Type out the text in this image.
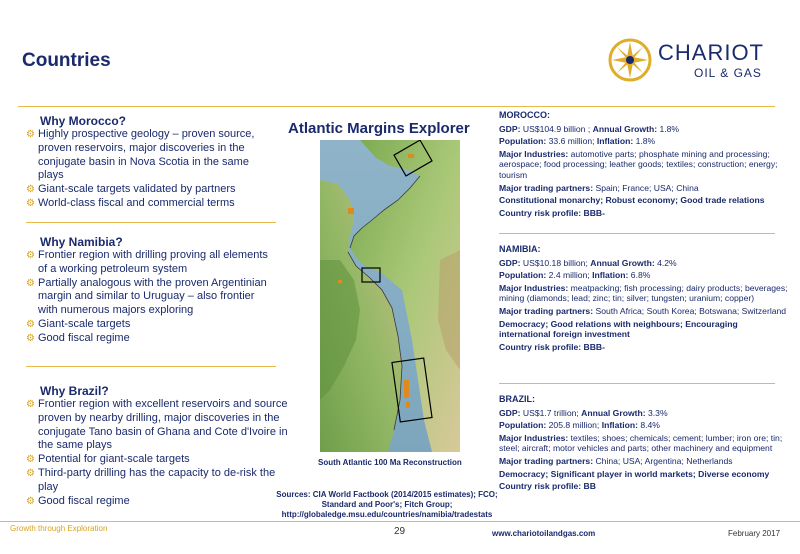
Countries	CHARIOT
OIL & GAS
Why Morocco?
⚙ Highly prospective geology – proven source, proven reservoirs, major discoveries in the conjugate basin in Nova Scotia in the same plays
⚙ Giant-scale targets validated by partners
⚙ World-class fiscal and commercial terms
Why Namibia?
⚙ Frontier region with drilling proving all elements of a working petroleum system
⚙ Partially analogous with the proven Argentinian margin and similar to Uruguay – also frontier with numerous majors exploring
⚙ Giant-scale targets
⚙ Good fiscal regime
Why Brazil?
⚙ Frontier region with excellent reservoirs and source proven by nearby drilling, major discoveries in the conjugate Tano basin of Ghana and Cote d'Ivoire in the same plays
⚙ Potential for giant-scale targets
⚙ Third-party drilling has the capacity to de-risk the play
⚙ Good fiscal regime
Atlantic Margins Explorer
South Atlantic 100 Ma Reconstruction
Sources: CIA World Factbook (2014/2015 estimates); FCO; Standard and Poor's; Fitch Group; http://globaledge.msu.edu/countries/namibia/tradestats
MOROCCO:
GDP: US$104.9 billion ; Annual Growth: 1.8%
Population: 33.6 million; Inflation: 1.8%
Major Industries: automotive parts; phosphate mining and processing; aerospace; food processing; leather goods; textiles; construction; energy; tourism
Major trading partners: Spain; France; USA; China
Constitutional monarchy; Robust economy; Good trade relations
Country risk profile: BBB-
NAMIBIA:
GDP: US$10.18 billion; Annual Growth: 4.2%
Population: 2.4 million; Inflation: 6.8%
Major Industries: meatpacking; fish processing; dairy products; beverages; mining (diamonds; lead; zinc; tin; silver; tungsten; uranium; copper)
Major trading partners: South Africa; South Korea; Botswana; Switzerland
Democracy; Good relations with neighbours; Encouraging international foreign investment
Country risk profile: BBB-
BRAZIL:
GDP: US$1.7 trillion; Annual Growth: 3.3%
Population: 205.8 million; Inflation: 8.4%
Major Industries: textiles; shoes; chemicals; cement; lumber; iron ore; tin; steel; aircraft; motor vehicles and parts; other machinery and equipment
Major trading partners: China; USA; Argentina; Netherlands
Democracy; Significant player in world markets; Diverse economy
Country risk profile: BB
Growth through Exploration	29	www.chariotoilandgas.com	February 2017
